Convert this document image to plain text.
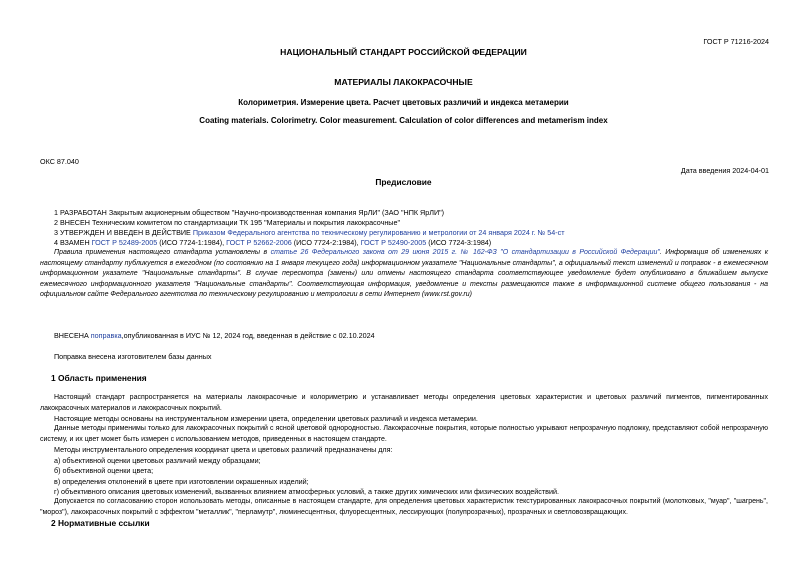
ГОСТ Р 71216-2024
НАЦИОНАЛЬНЫЙ СТАНДАРТ РОССИЙСКОЙ ФЕДЕРАЦИИ
МАТЕРИАЛЫ ЛАКОКРАСОЧНЫЕ
Колориметрия. Измерение цвета. Расчет цветовых различий и индекса метамерии
Coating materials. Colorimetry. Color measurement. Calculation of color differences and metamerism index
ОКС 87.040
Дата введения 2024-04-01
Предисловие
1 РАЗРАБОТАН Закрытым акционерным обществом "Научно-производственная компания ЯрЛИ" (ЗАО "НПК ЯрЛИ")
2 ВНЕСЕН Техническим комитетом по стандартизации ТК 195 "Материалы и покрытия лакокрасочные"
3 УТВЕРЖДЕН И ВВЕДЕН В ДЕЙСТВИЕ Приказом Федерального агентства по техническому регулированию и метрологии от 24 января 2024 г. № 54-ст
4 ВЗАМЕН ГОСТ Р 52489-2005 (ИСО 7724-1:1984), ГОСТ Р 52662-2006 (ИСО 7724-2:1984), ГОСТ Р 52490-2005 (ИСО 7724-3:1984)
Правила применения настоящего стандарта установлены в статье 26 Федерального закона от 29 июня 2015 г. № 162-ФЗ "О стандартизации в Российской Федерации". Информация об изменениях к настоящему стандарту публикуется в ежегодном (по состоянию на 1 января текущего года) информационном указателе "Национальные стандарты", а официальный текст изменений и поправок - в ежемесячном информационном указателе "Национальные стандарты". В случае пересмотра (замены) или отмены настоящего стандарта соответствующее уведомление будет опубликовано в ближайшем выпуске ежемесячного информационного указателя "Национальные стандарты". Соответствующая информация, уведомление и тексты размещаются также в информационной системе общего пользования - на официальном сайте Федерального агентства по техническому регулированию и метрологии в сети Интернет (www.rst.gov.ru)
ВНЕСЕНА поправка,опубликованная в ИУС № 12, 2024 год, введенная в действие с 02.10.2024
Поправка внесена изготовителем базы данных
1 Область применения
Настоящий стандарт распространяется на материалы лакокрасочные и колориметрию и устанавливает методы определения цветовых характеристик и цветовых различий пигментов, пигментированных лакокрасочных материалов и лакокрасочных покрытий.
Настоящие методы основаны на инструментальном измерении цвета, определении цветовых различий и индекса метамерии.
Данные методы применимы только для лакокрасочных покрытий с ясной цветовой однородностью. Лакокрасочные покрытия, которые полностью укрывают непрозрачную подложку, представляют собой непрозрачную систему, и их цвет может быть измерен с использованием методов, приведенных в настоящем стандарте.
Методы инструментального определения координат цвета и цветовых различий предназначены для:
а) объективной оценки цветовых различий между образцами;
б) объективной оценки цвета;
в) определения отклонений в цвете при изготовлении окрашенных изделий;
г) объективного описания цветовых изменений, вызванных влиянием атмосферных условий, а также других химических или физических воздействий.
Допускается по согласованию сторон использовать методы, описанные в настоящем стандарте, для определения цветовых характеристик текстурированных лакокрасочных покрытий (молотковых, "муар", "шагрень", "мороз"), лакокрасочных покрытий с эффектом "металлик", "перламутр", люминесцентных, флуоресцентных, лессирующих (полупрозрачных), прозрачных и светловозвращающих.
2 Нормативные ссылки
